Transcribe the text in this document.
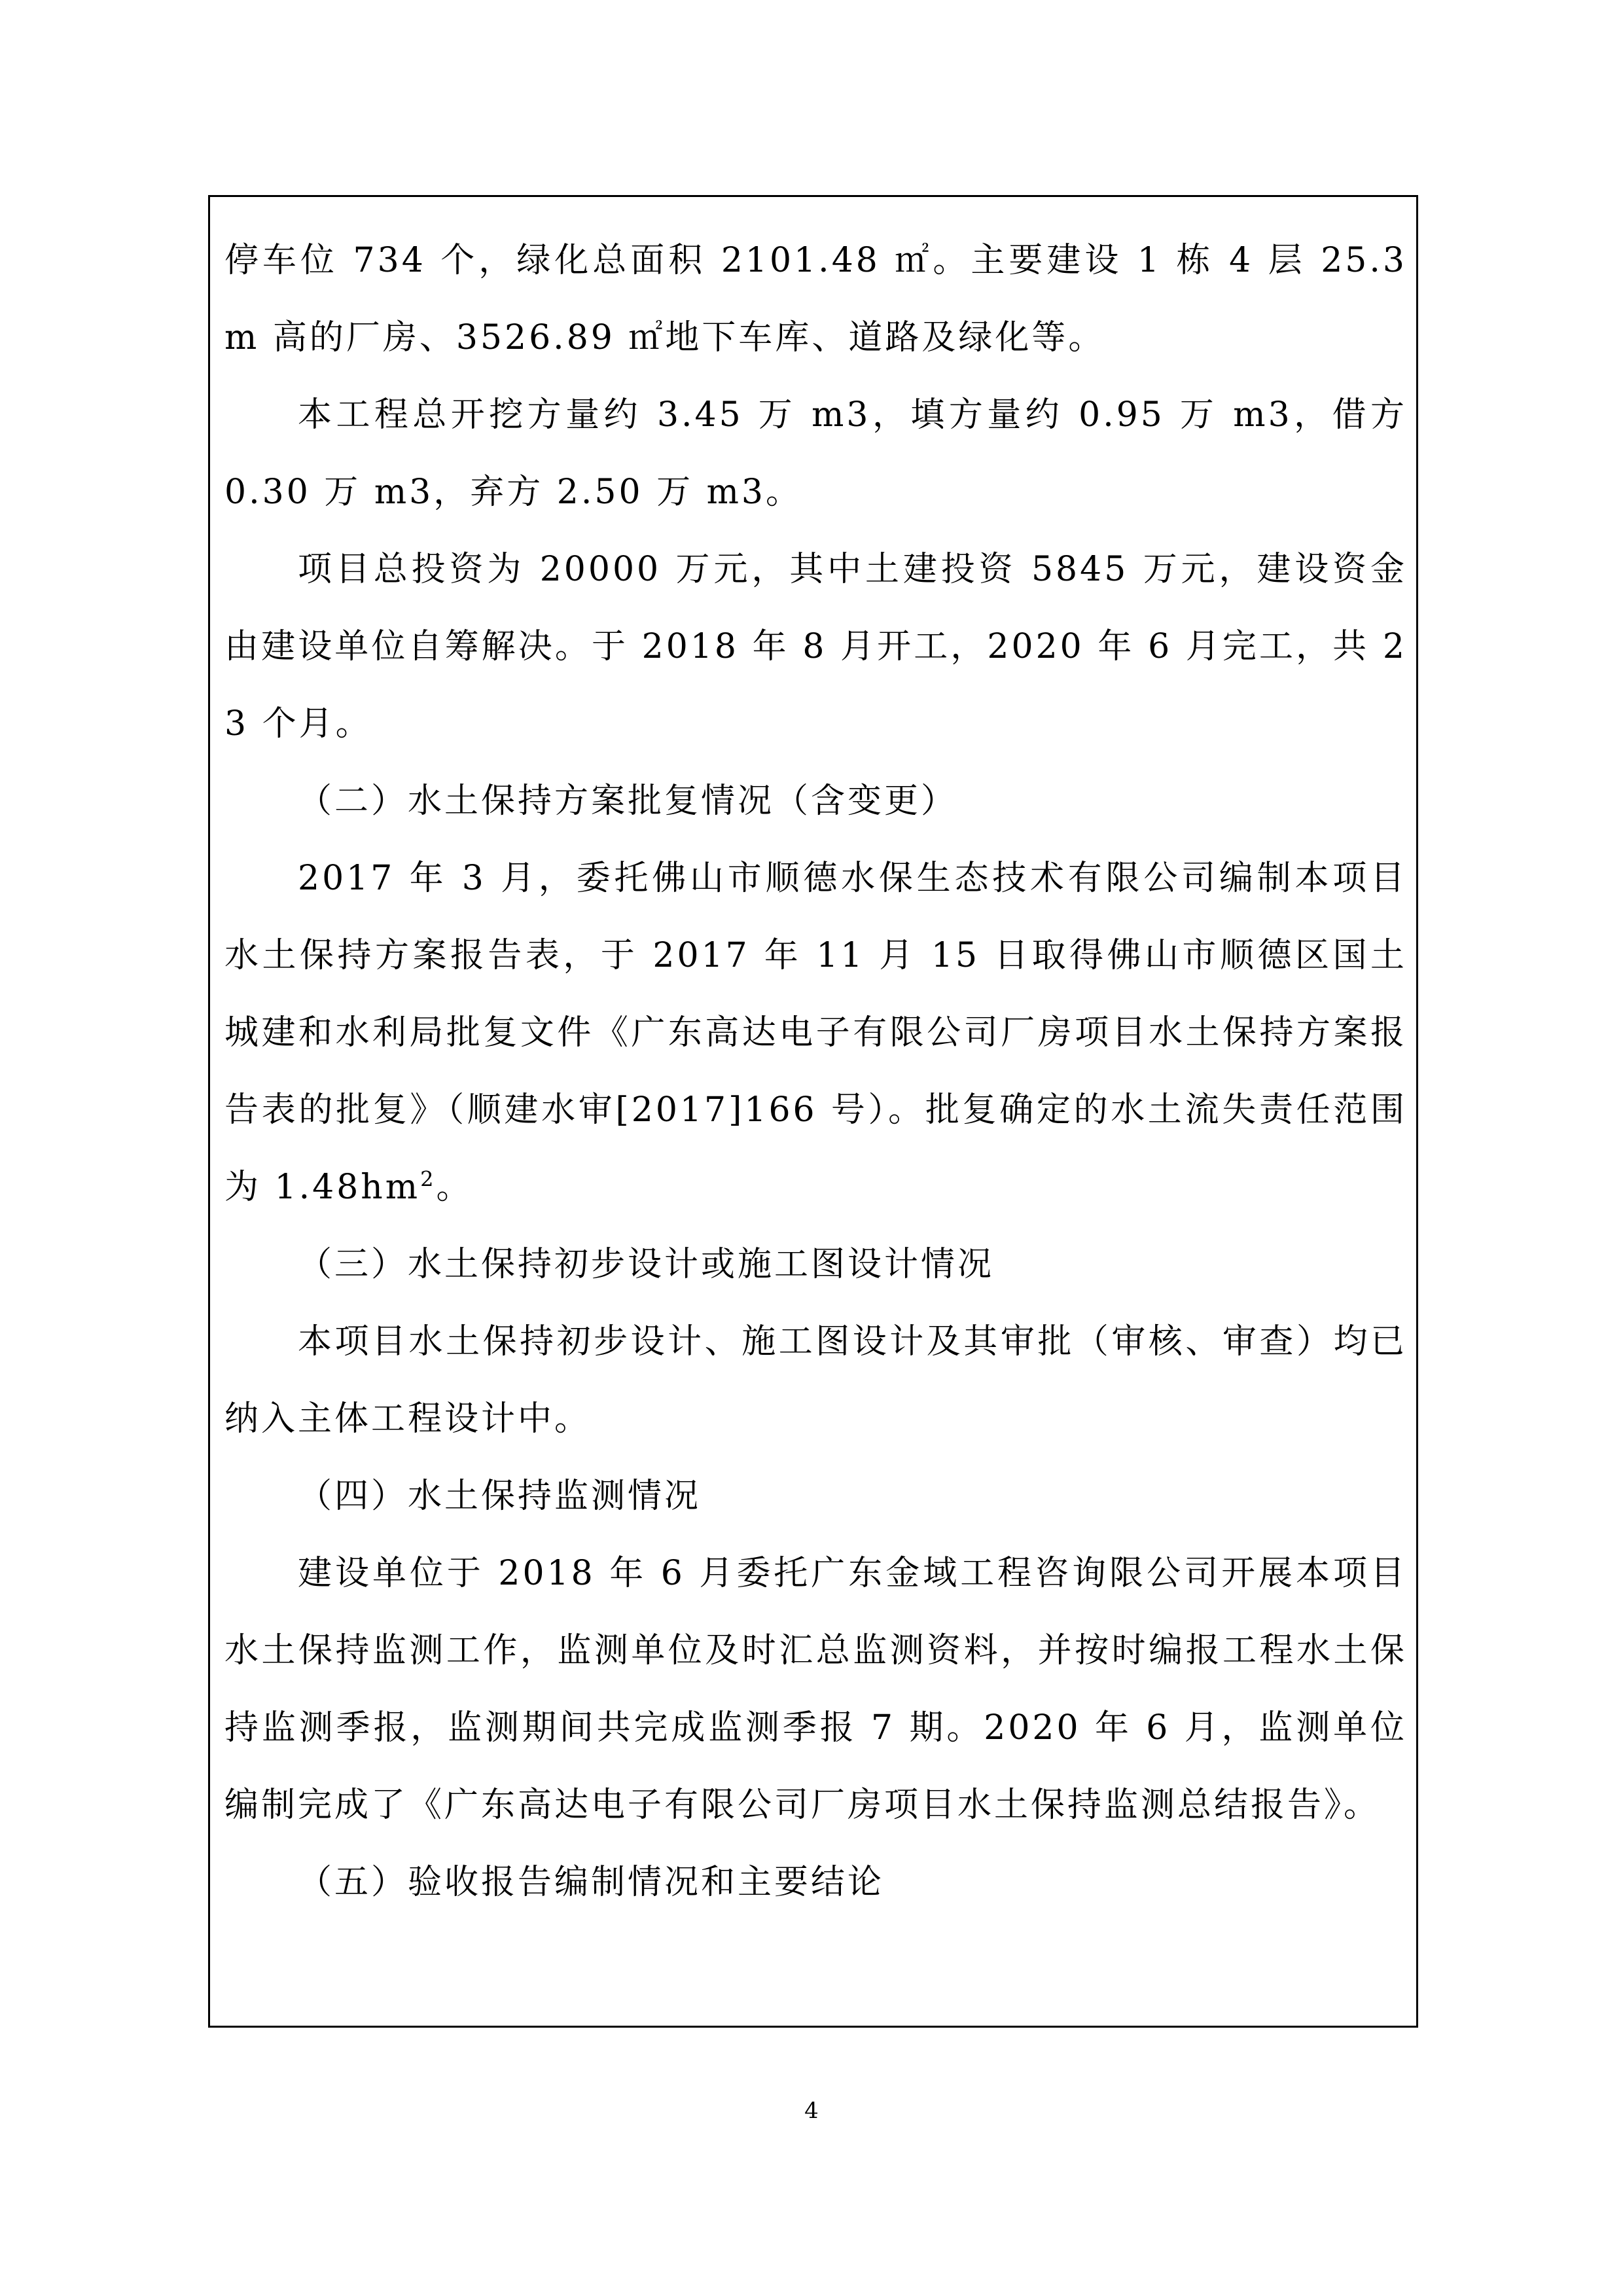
停车位 734 个，绿化总面积 2101.48 ㎡。主要建设 1 栋 4 层 25.3 m 高的厂房、3526.89 ㎡地下车库、道路及绿化等。

本工程总开挖方量约 3.45 万 m3，填方量约 0.95 万 m3，借方 0.30 万 m3，弃方 2.50 万 m3。

项目总投资为 20000 万元，其中土建投资 5845 万元，建设资金由建设单位自筹解决。于 2018 年 8 月开工，2020 年 6 月完工，共 23 个月。

（二）水土保持方案批复情况（含变更）

2017 年 3 月，委托佛山市顺德水保生态技术有限公司编制本项目水土保持方案报告表，于 2017 年 11 月 15 日取得佛山市顺德区国土城建和水利局批复文件《广东高达电子有限公司厂房项目水土保持方案报告表的批复》（顺建水审[2017]166 号）。批复确定的水土流失责任范围为 $1.48hm^2$。

（三）水土保持初步设计或施工图设计情况

本项目水土保持初步设计、施工图设计及其审批（审核、审查）均已纳入主体工程设计中。

（四）水土保持监测情况

建设单位于 2018 年 6 月委托广东金域工程咨询限公司开展本项目水土保持监测工作，监测单位及时汇总监测资料，并按时编报工程水土保持监测季报，监测期间共完成监测季报 7 期。2020 年 6 月，监测单位编制完成了《广东高达电子有限公司厂房项目水土保持监测总结报告》。

（五）验收报告编制情况和主要结论

4
